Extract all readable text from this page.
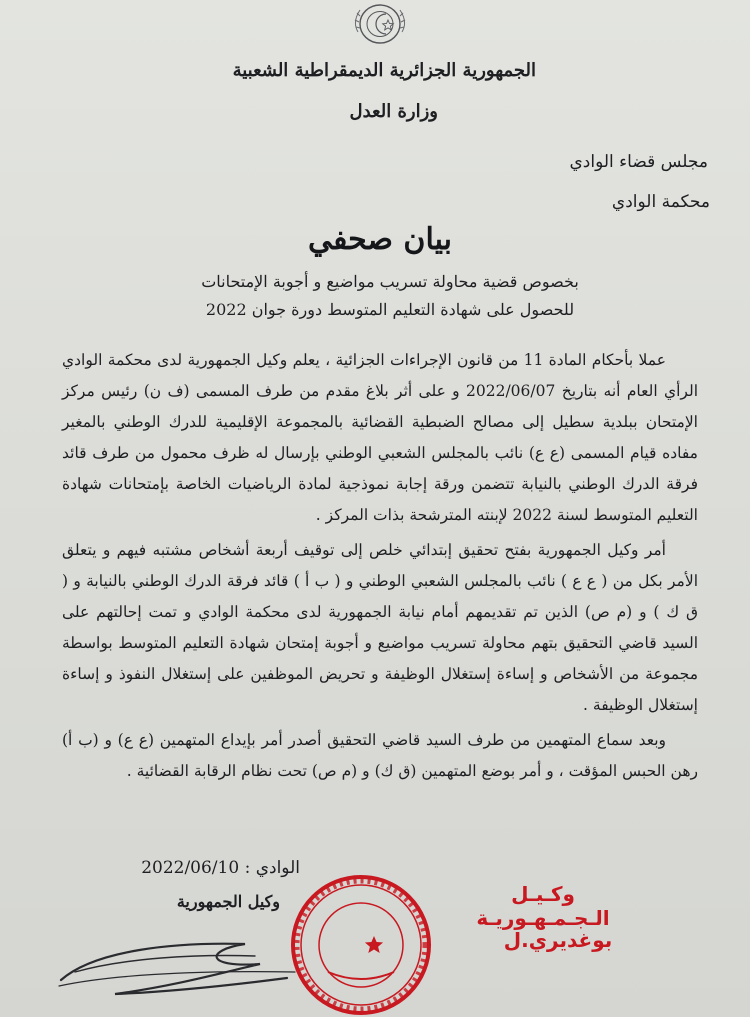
الجمهورية الجزائرية الديمقراطية الشعبية
وزارة العدل
مجلس قضاء الوادي
محكمة الوادي
بيان صحفي
بخصوص قضية محاولة تسريب مواضيع و أجوبة الإمتحانات
للحصول على شهادة التعليم المتوسط دورة جوان 2022

عملا بأحكام المادة 11 من قانون الإجراءات الجزائية ، يعلم وكيل الجمهورية لدى محكمة الوادي الرأي العام أنه بتاريخ 2022/06/07 و على أثر بلاغ مقدم من طرف المسمى (ف ن) رئيس مركز الإمتحان ببلدية سطيل إلى مصالح الضبطية القضائية بالمجموعة الإقليمية للدرك الوطني بالمغير مفاده قيام المسمى (ع ع) نائب بالمجلس الشعبي الوطني بإرسال له ظرف محمول من طرف قائد فرقة الدرك الوطني بالنيابة تتضمن ورقة إجابة نموذجية لمادة الرياضيات الخاصة بإمتحانات شهادة التعليم المتوسط لسنة 2022 لإبنته المترشحة بذات المركز .

أمر وكيل الجمهورية بفتح تحقيق إبتدائي خلص إلى توقيف أربعة أشخاص مشتبه فيهم و يتعلق الأمر بكل من ( ع ع ) نائب بالمجلس الشعبي الوطني و ( ب أ ) قائد فرقة الدرك الوطني بالنيابة و ( ق ك ) و (م ص) الذين تم تقديمهم أمام نيابة الجمهورية لدى محكمة الوادي و تمت إحالتهم على السيد قاضي التحقيق بتهم محاولة تسريب مواضيع و أجوبة إمتحان شهادة التعليم المتوسط بواسطة مجموعة من الأشخاص و إساءة إستغلال الوظيفة و تحريض الموظفين على إستغلال النفوذ و إساءة إستغلال الوظيفة .

وبعد سماع المتهمين من طرف السيد قاضي التحقيق أصدر أمر بإيداع المتهمين (ع ع) و (ب أ) رهن الحبس المؤقت ، و أمر بوضع المتهمين (ق ك) و (م ص) تحت نظام الرقابة القضائية .

الوادي : 2022/06/10
وكيل الجمهورية	وكـيـل الـجـمـهـوريـة
بوغديري.ل
